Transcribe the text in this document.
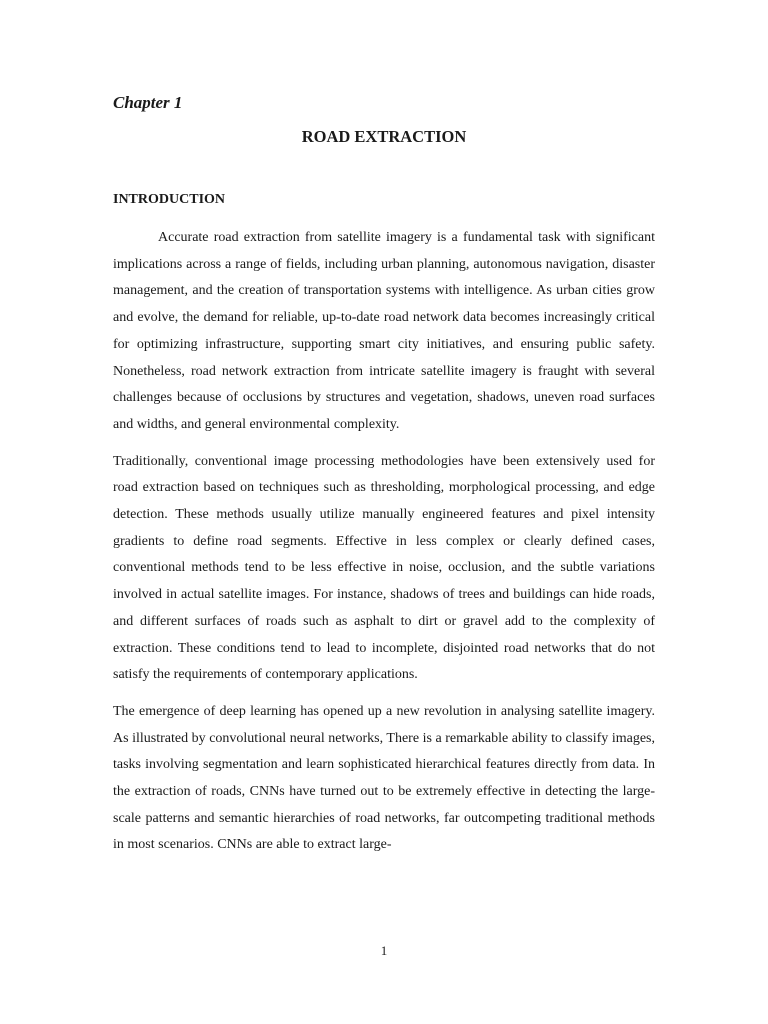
Chapter 1

ROAD EXTRACTION
INTRODUCTION

Accurate road extraction from satellite imagery is a fundamental task with significant implications across a range of fields, including urban planning, autonomous navigation, disaster management, and the creation of transportation systems with intelligence. As urban cities grow and evolve, the demand for reliable, up-to-date road network data becomes increasingly critical for optimizing infrastructure, supporting smart city initiatives, and ensuring public safety. Nonetheless, road network extraction from intricate satellite imagery is fraught with several challenges because of occlusions by structures and vegetation, shadows, uneven road surfaces and widths, and general environmental complexity.

Traditionally, conventional image processing methodologies have been extensively used for road extraction based on techniques such as thresholding, morphological processing, and edge detection. These methods usually utilize manually engineered features and pixel intensity gradients to define road segments. Effective in less complex or clearly defined cases, conventional methods tend to be less effective in noise, occlusion, and the subtle variations involved in actual satellite images. For instance, shadows of trees and buildings can hide roads, and different surfaces of roads such as asphalt to dirt or gravel add to the complexity of extraction. These conditions tend to lead to incomplete, disjointed road networks that do not satisfy the requirements of contemporary applications.

The emergence of deep learning has opened up a new revolution in analysing satellite imagery. As illustrated by convolutional neural networks, There is a remarkable ability to classify images, tasks involving segmentation and learn sophisticated hierarchical features directly from data. In the extraction of roads, CNNs have turned out to be extremely effective in detecting the large-scale patterns and semantic hierarchies of road networks, far outcompeting traditional methods in most scenarios. CNNs are able to extract large-

1
